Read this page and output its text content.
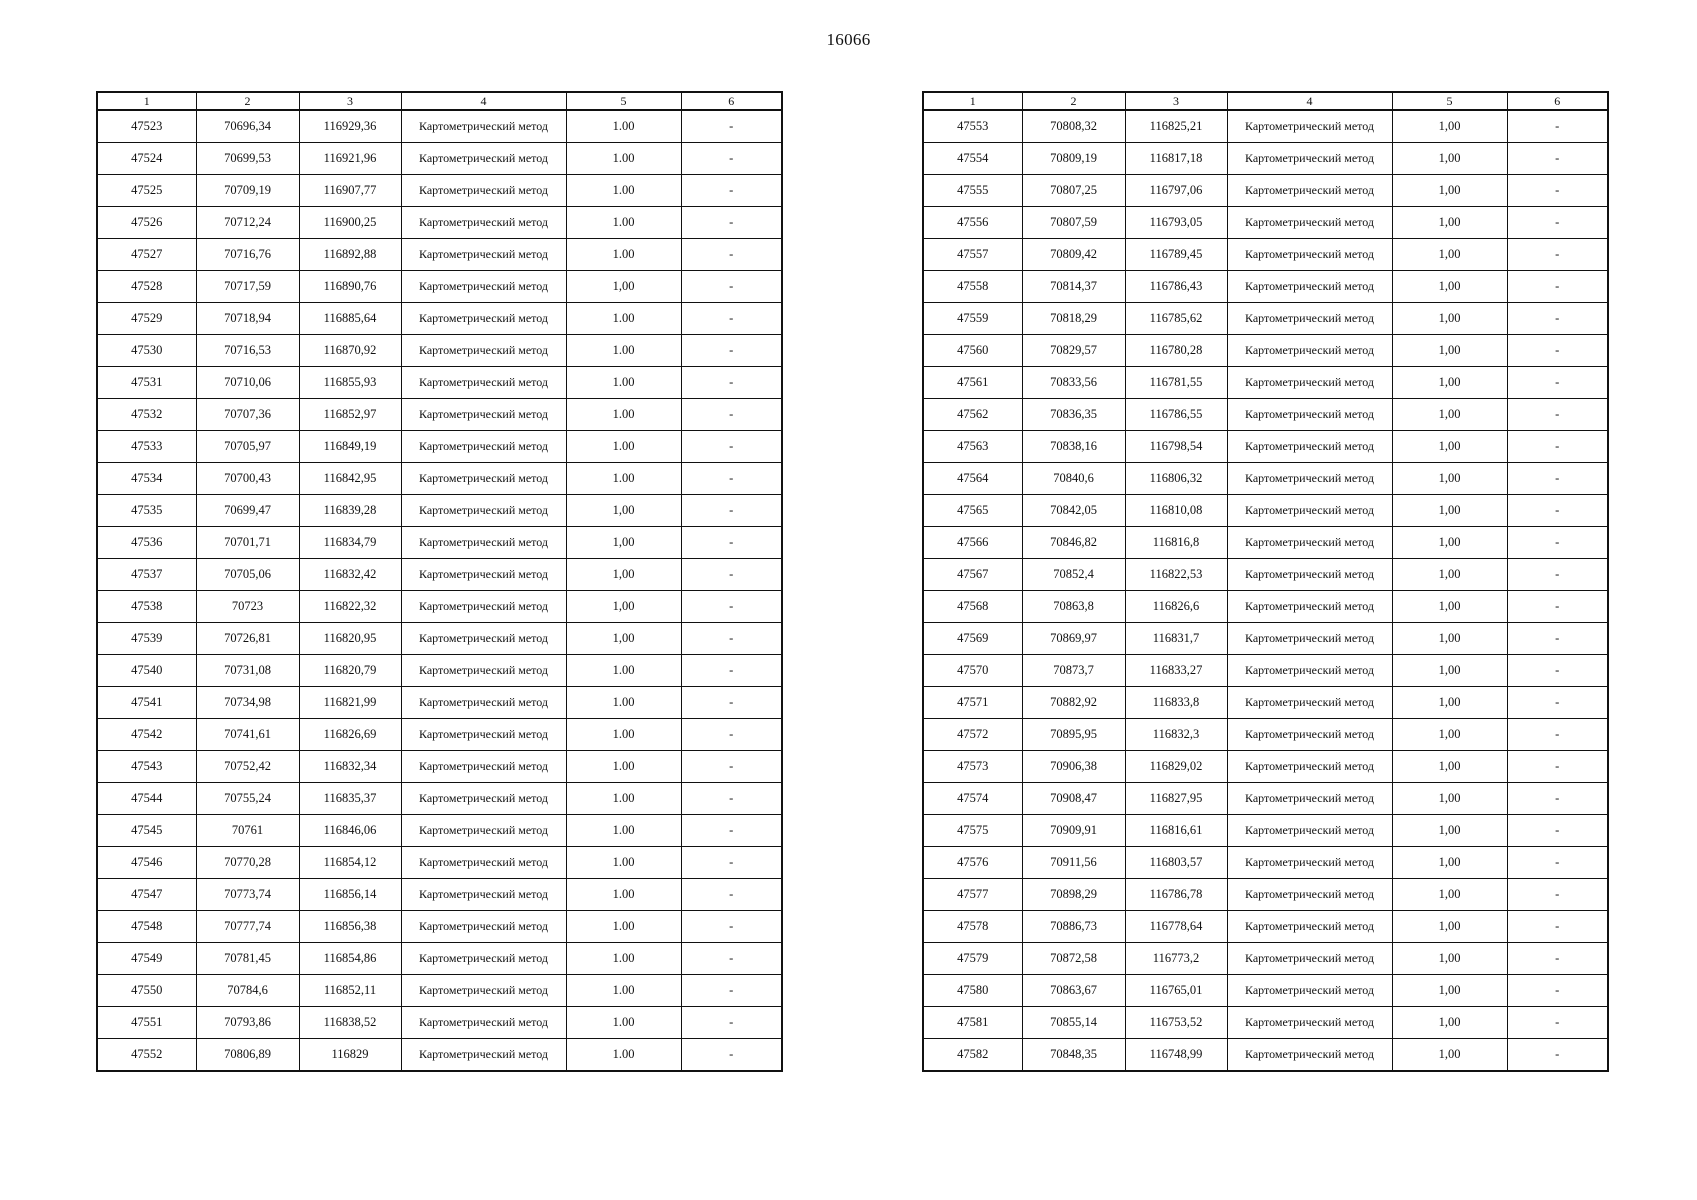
16066
1	2	3	4	5	6
47523	70696,34	116929,36	Картометрический метод	1.00	-
47524	70699,53	116921,96	Картометрический метод	1.00	-
47525	70709,19	116907,77	Картометрический метод	1.00	-
47526	70712,24	116900,25	Картометрический метод	1.00	-
47527	70716,76	116892,88	Картометрический метод	1.00	-
47528	70717,59	116890,76	Картометрический метод	1,00	-
47529	70718,94	116885,64	Картометрический метод	1.00	-
47530	70716,53	116870,92	Картометрический метод	1.00	-
47531	70710,06	116855,93	Картометрический метод	1.00	-
47532	70707,36	116852,97	Картометрический метод	1.00	-
47533	70705,97	116849,19	Картометрический метод	1.00	-
47534	70700,43	116842,95	Картометрический метод	1.00	-
47535	70699,47	116839,28	Картометрический метод	1,00	-
47536	70701,71	116834,79	Картометрический метод	1,00	-
47537	70705,06	116832,42	Картометрический метод	1,00	-
47538	70723	116822,32	Картометрический метод	1,00	-
47539	70726,81	116820,95	Картометрический метод	1,00	-
47540	70731,08	116820,79	Картометрический метод	1.00	-
47541	70734,98	116821,99	Картометрический метод	1.00	-
47542	70741,61	116826,69	Картометрический метод	1.00	-
47543	70752,42	116832,34	Картометрический метод	1.00	-
47544	70755,24	116835,37	Картометрический метод	1.00	-
47545	70761	116846,06	Картометрический метод	1.00	-
47546	70770,28	116854,12	Картометрический метод	1.00	-
47547	70773,74	116856,14	Картометрический метод	1.00	-
47548	70777,74	116856,38	Картометрический метод	1.00	-
47549	70781,45	116854,86	Картометрический метод	1.00	-
47550	70784,6	116852,11	Картометрический метод	1.00	-
47551	70793,86	116838,52	Картометрический метод	1.00	-
47552	70806,89	116829	Картометрический метод	1.00	-
1	2	3	4	5	6
47553	70808,32	116825,21	Картометрический метод	1,00	-
47554	70809,19	116817,18	Картометрический метод	1,00	-
47555	70807,25	116797,06	Картометрический метод	1,00	-
47556	70807,59	116793,05	Картометрический метод	1,00	-
47557	70809,42	116789,45	Картометрический метод	1,00	-
47558	70814,37	116786,43	Картометрический метод	1,00	-
47559	70818,29	116785,62	Картометрический метод	1,00	-
47560	70829,57	116780,28	Картометрический метод	1,00	-
47561	70833,56	116781,55	Картометрический метод	1,00	-
47562	70836,35	116786,55	Картометрический метод	1,00	-
47563	70838,16	116798,54	Картометрический метод	1,00	-
47564	70840,6	116806,32	Картометрический метод	1,00	-
47565	70842,05	116810,08	Картометрический метод	1,00	-
47566	70846,82	116816,8	Картометрический метод	1,00	-
47567	70852,4	116822,53	Картометрический метод	1,00	-
47568	70863,8	116826,6	Картометрический метод	1,00	-
47569	70869,97	116831,7	Картометрический метод	1,00	-
47570	70873,7	116833,27	Картометрический метод	1,00	-
47571	70882,92	116833,8	Картометрический метод	1,00	-
47572	70895,95	116832,3	Картометрический метод	1,00	-
47573	70906,38	116829,02	Картометрический метод	1,00	-
47574	70908,47	116827,95	Картометрический метод	1,00	-
47575	70909,91	116816,61	Картометрический метод	1,00	-
47576	70911,56	116803,57	Картометрический метод	1,00	-
47577	70898,29	116786,78	Картометрический метод	1,00	-
47578	70886,73	116778,64	Картометрический метод	1,00	-
47579	70872,58	116773,2	Картометрический метод	1,00	-
47580	70863,67	116765,01	Картометрический метод	1,00	-
47581	70855,14	116753,52	Картометрический метод	1,00	-
47582	70848,35	116748,99	Картометрический метод	1,00	-
